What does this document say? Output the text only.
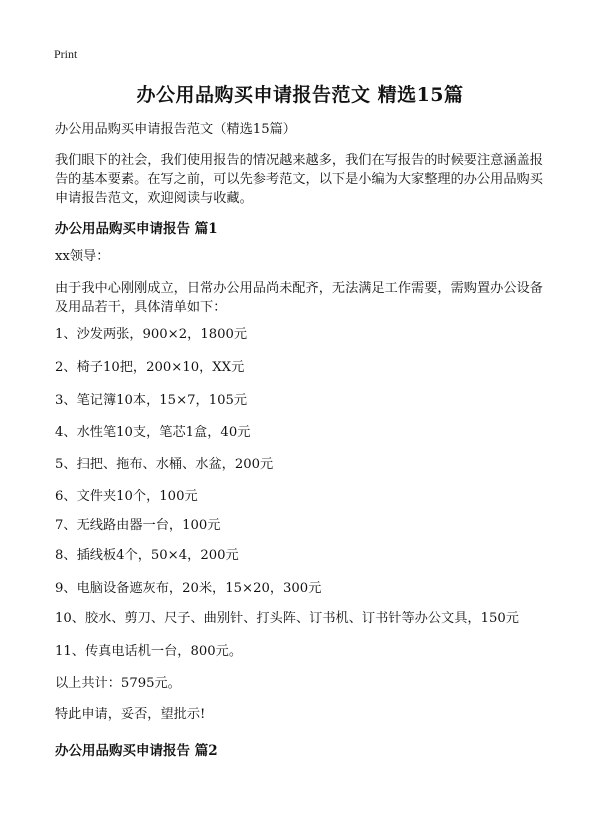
Print
办公用品购买申请报告范文 精选15篇

办公用品购买申请报告范文（精选15篇）

我们眼下的社会，我们使用报告的情况越来越多，我们在写报告的时候要注意涵盖报告的基本要素。在写之前，可以先参考范文，以下是小编为大家整理的办公用品购买申请报告范文，欢迎阅读与收藏。

办公用品购买申请报告 篇1

xx领导：

由于我中心刚刚成立，日常办公用品尚未配齐，无法满足工作需要，需购置办公设备及用品若干，具体清单如下：

1、沙发两张，900×2，1800元

2、椅子10把，200×10，XX元

3、笔记簿10本，15×7，105元

4、水性笔10支，笔芯1盒，40元

5、扫把、拖布、水桶、水盆，200元

6、文件夹10个，100元

7、无线路由器一台，100元

8、插线板4个，50×4，200元

9、电脑设备遮灰布，20米，15×20，300元

10、胶水、剪刀、尺子、曲别针、打头阵、订书机、订书针等办公文具，150元

11、传真电话机一台，800元。

以上共计：5795元。

特此申请，妥否，望批示!

办公用品购买申请报告 篇2
